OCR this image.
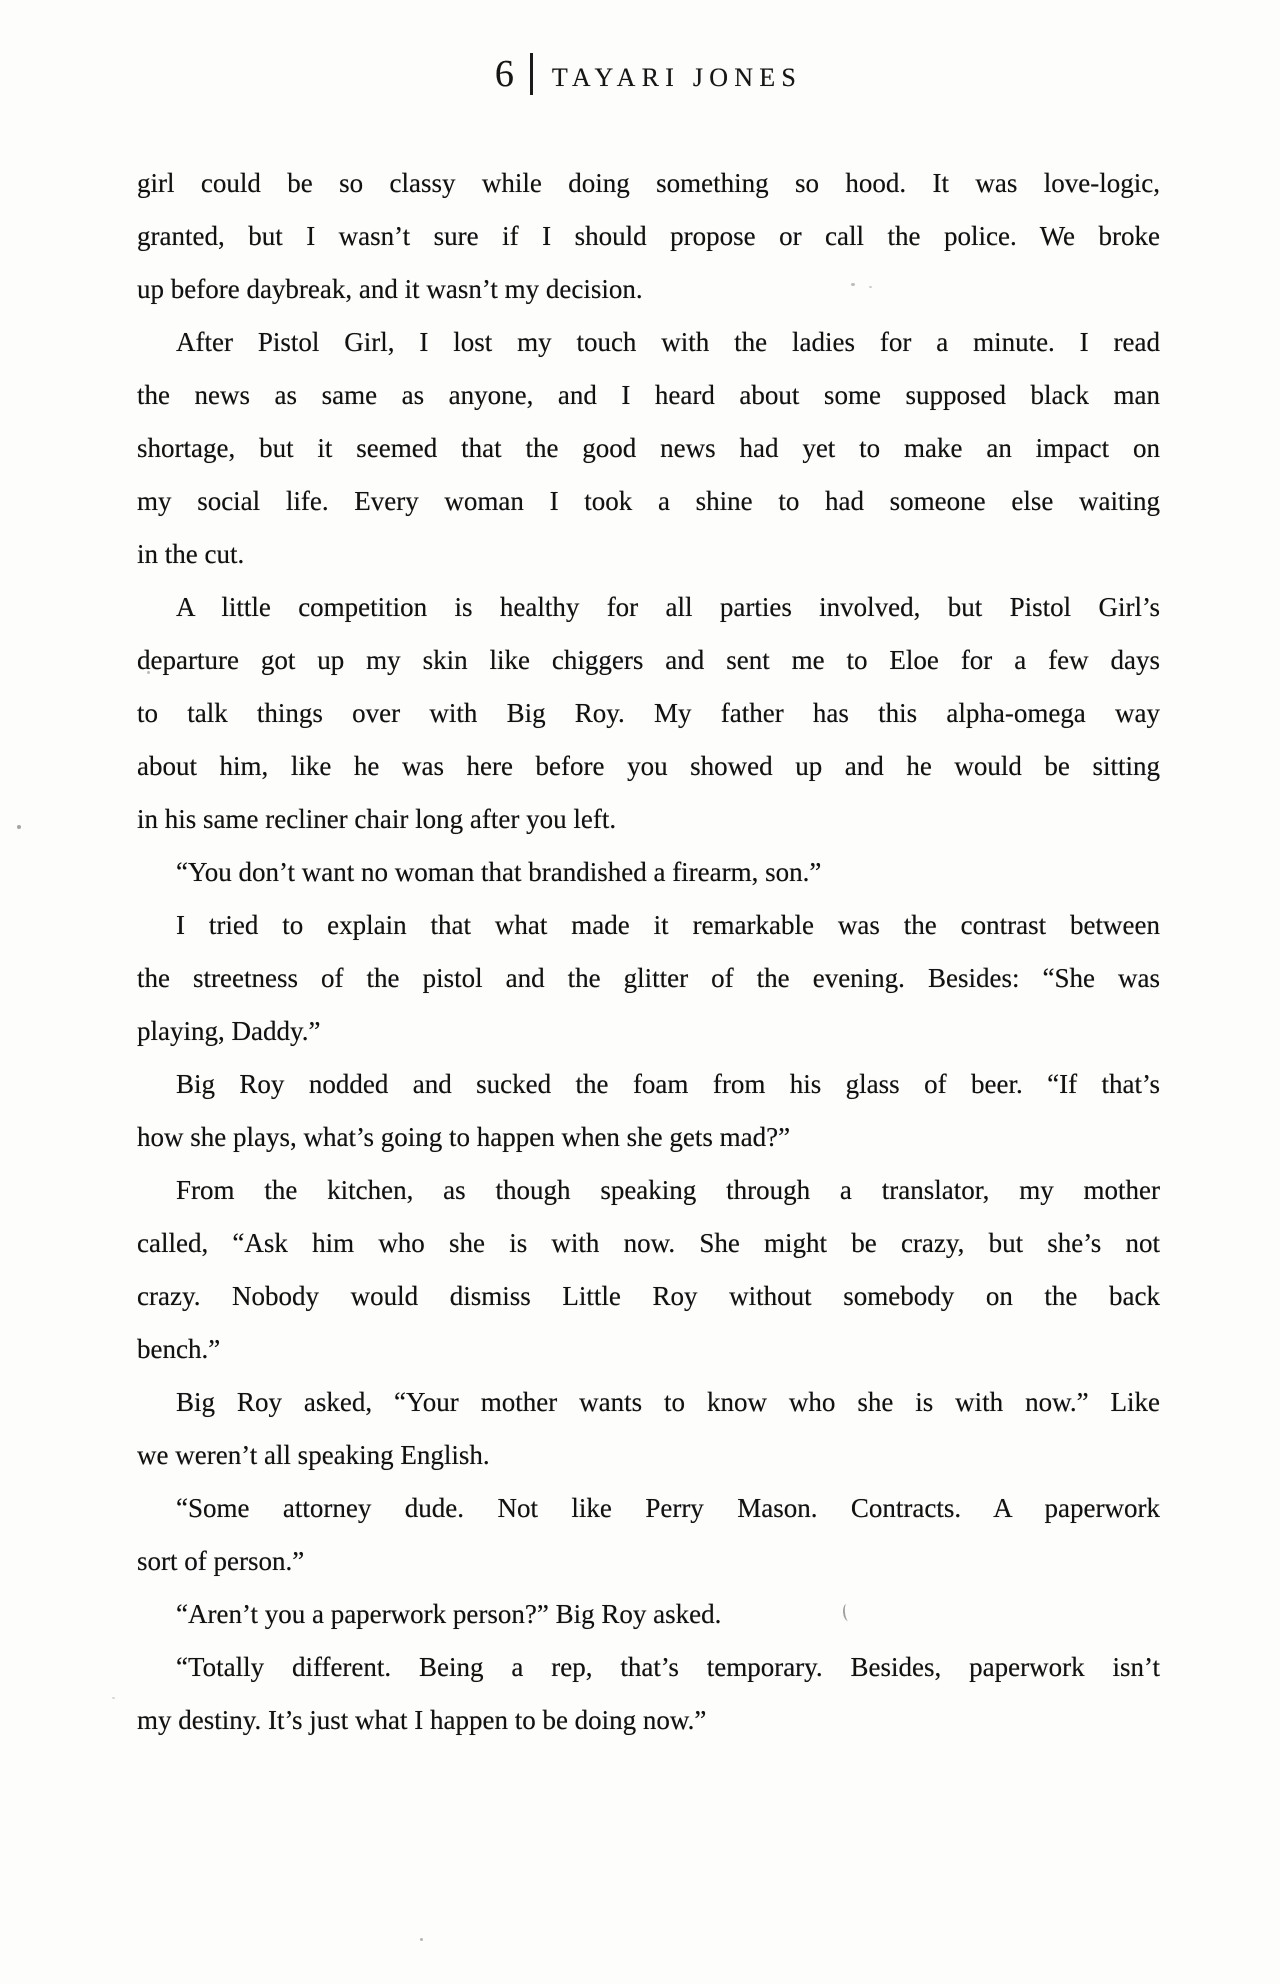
6 TAYARI JONES
girl could be so classy while doing something so hood. It was love-logic,
granted, but I wasn’t sure if I should propose or call the police. We broke
up before daybreak, and it wasn’t my decision.
After Pistol Girl, I lost my touch with the ladies for a minute. I read
the news as same as anyone, and I heard about some supposed black man
shortage, but it seemed that the good news had yet to make an impact on
my social life. Every woman I took a shine to had someone else waiting
in the cut.
A little competition is healthy for all parties involved, but Pistol Girl’s
departure got up my skin like chiggers and sent me to Eloe for a few days
to talk things over with Big Roy. My father has this alpha-omega way
about him, like he was here before you showed up and he would be sitting
in his same recliner chair long after you left.
“You don’t want no woman that brandished a firearm, son.”
I tried to explain that what made it remarkable was the contrast between
the streetness of the pistol and the glitter of the evening. Besides: “She was
playing, Daddy.”
Big Roy nodded and sucked the foam from his glass of beer. “If that’s
how she plays, what’s going to happen when she gets mad?”
From the kitchen, as though speaking through a translator, my mother
called, “Ask him who she is with now. She might be crazy, but she’s not
crazy. Nobody would dismiss Little Roy without somebody on the back
bench.”
Big Roy asked, “Your mother wants to know who she is with now.” Like
we weren’t all speaking English.
“Some attorney dude. Not like Perry Mason. Contracts. A paperwork
sort of person.”
“Aren’t you a paperwork person?” Big Roy asked.
“Totally different. Being a rep, that’s temporary. Besides, paperwork isn’t
my destiny. It’s just what I happen to be doing now.”
